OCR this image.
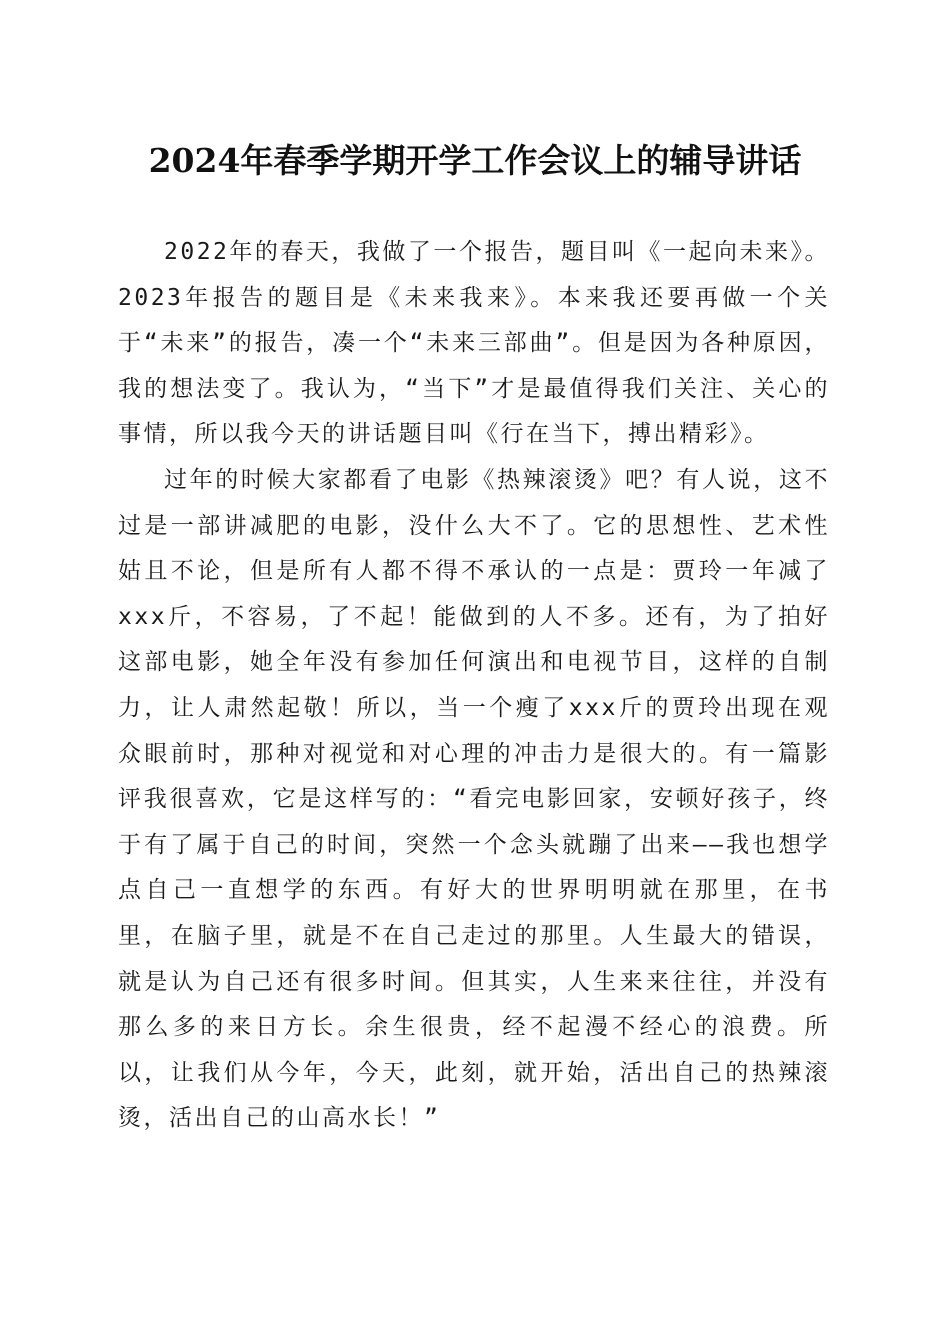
2024年春季学期开学工作会议上的辅导讲话

2022年的春天，我做了一个报告，题目叫《一起向未来》。2023年报告的题目是《未来我来》。本来我还要再做一个关于“未来”的报告，凑一个“未来三部曲”。但是因为各种原因，我的想法变了。我认为，“当下”才是最值得我们关注、关心的事情，所以我今天的讲话题目叫《行在当下，搏出精彩》。

过年的时候大家都看了电影《热辣滚烫》吧？有人说，这不过是一部讲减肥的电影，没什么大不了。它的思想性、艺术性姑且不论，但是所有人都不得不承认的一点是：贾玲一年减了xxx斤，不容易，了不起！能做到的人不多。还有，为了拍好这部电影，她全年没有参加任何演出和电视节目，这样的自制力，让人肃然起敬！所以，当一个瘦了xxx斤的贾玲出现在观众眼前时，那种对视觉和对心理的冲击力是很大的。有一篇影评我很喜欢，它是这样写的：“看完电影回家，安顿好孩子，终于有了属于自己的时间，突然一个念头就蹦了出来——我也想学点自己一直想学的东西。有好大的世界明明就在那里，在书里，在脑子里，就是不在自己走过的那里。人生最大的错误，就是认为自己还有很多时间。但其实，人生来来往往，并没有那么多的来日方长。余生很贵，经不起漫不经心的浪费。所以，让我们从今年，今天，此刻，就开始，活出自己的热辣滚烫，活出自己的山高水长！”
